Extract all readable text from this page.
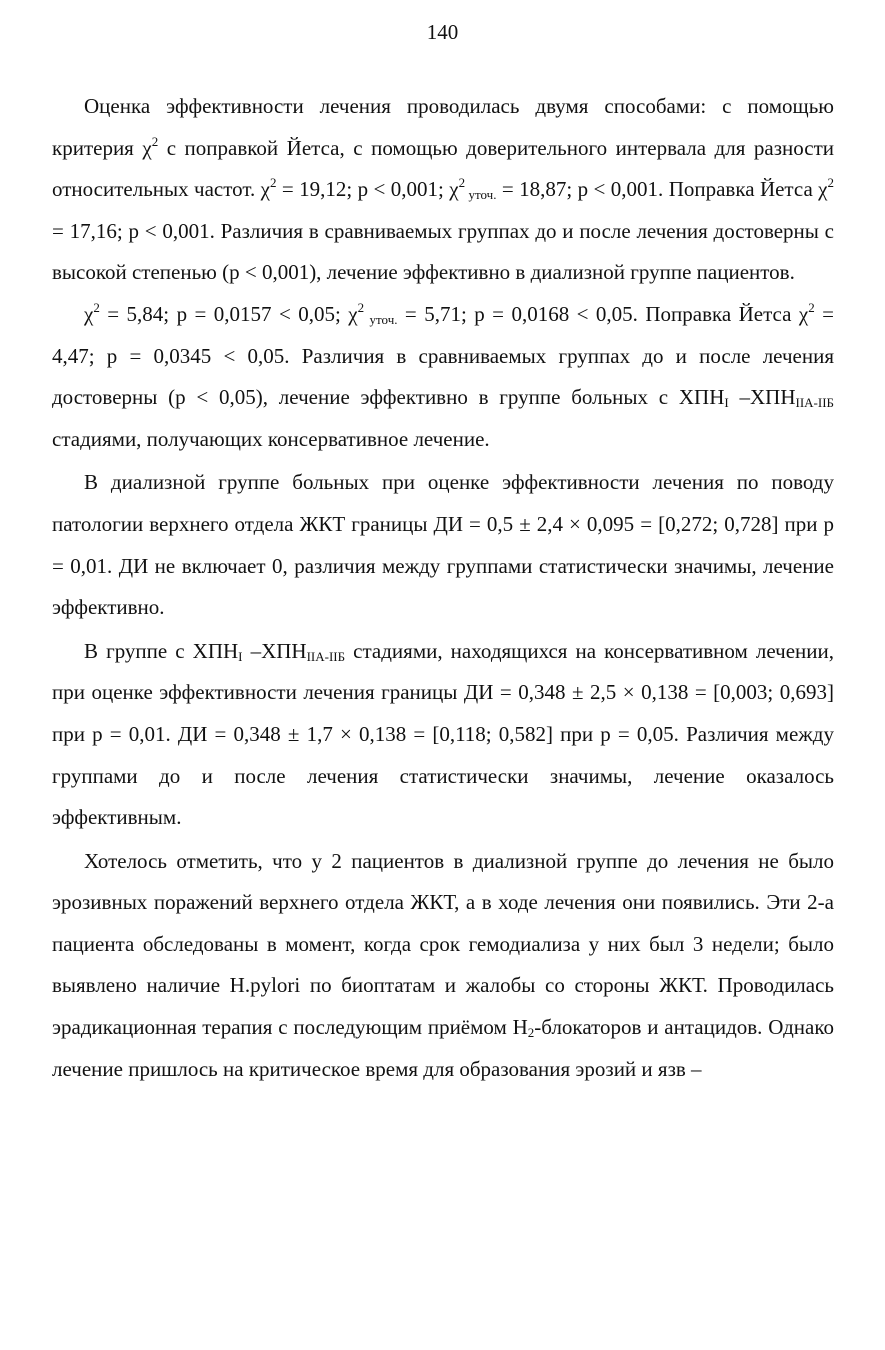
140

Оценка эффективности лечения проводилась двумя способами: с помощью критерия $\chi^2$ с поправкой Йетса, с помощью доверительного интервала для разности относительных частот. $\chi^2 = 19,12$; p < 0,001; $\chi^2$ $_{уточ.}$ = 18,87; p < 0,001. Поправка Йетса $\chi^2 = 17,16$; p < 0,001. Различия в сравниваемых группах до и после лечения достоверны с высокой степенью (p < 0,001), лечение эффективно в диализной группе пациентов.

$\chi^2 = 5,84$; p = 0,0157 < 0,05; $\chi^2$ $_{уточ.}$ = 5,71; p = 0,0168 < 0,05. Поправка Йетса $\chi^2 = 4,47$; p = 0,0345 < 0,05. Различия в сравниваемых группах до и после лечения достоверны (p < 0,05), лечение эффективно в группе больных с $ХПН_I$ $-ХПН_{IIА-IIБ}$ стадиями, получающих консервативное лечение.

В диализной группе больных при оценке эффективности лечения по поводу патологии верхнего отдела ЖКТ границы ДИ = 0,5 ± 2,4 × 0,095 = [0,272; 0,728] при p = 0,01. ДИ не включает 0, различия между группами статистически значимы, лечение эффективно.

В группе с $ХПН_I$ $-ХПН_{IIА-IIБ}$ стадиями, находящихся на консервативном лечении, при оценке эффективности лечения границы ДИ = 0,348 ± 2,5 × 0,138 = [0,003; 0,693] при p = 0,01. ДИ = 0,348 ± 1,7 × 0,138 = [0,118; 0,582] при p = 0,05. Различия между группами до и после лечения статистически значимы, лечение оказалось эффективным.

Хотелось отметить, что у 2 пациентов в диализной группе до лечения не было эрозивных поражений верхнего отдела ЖКТ, а в ходе лечения они появились. Эти 2-а пациента обследованы в момент, когда срок гемодиализа у них был 3 недели; было выявлено наличие H.pylori по биоптатам и жалобы со стороны ЖКТ. Проводилась эрадикационная терапия с последующим приёмом $H_2$-блокаторов и антацидов. Однако лечение пришлось на критическое время для образования эрозий и язв –
